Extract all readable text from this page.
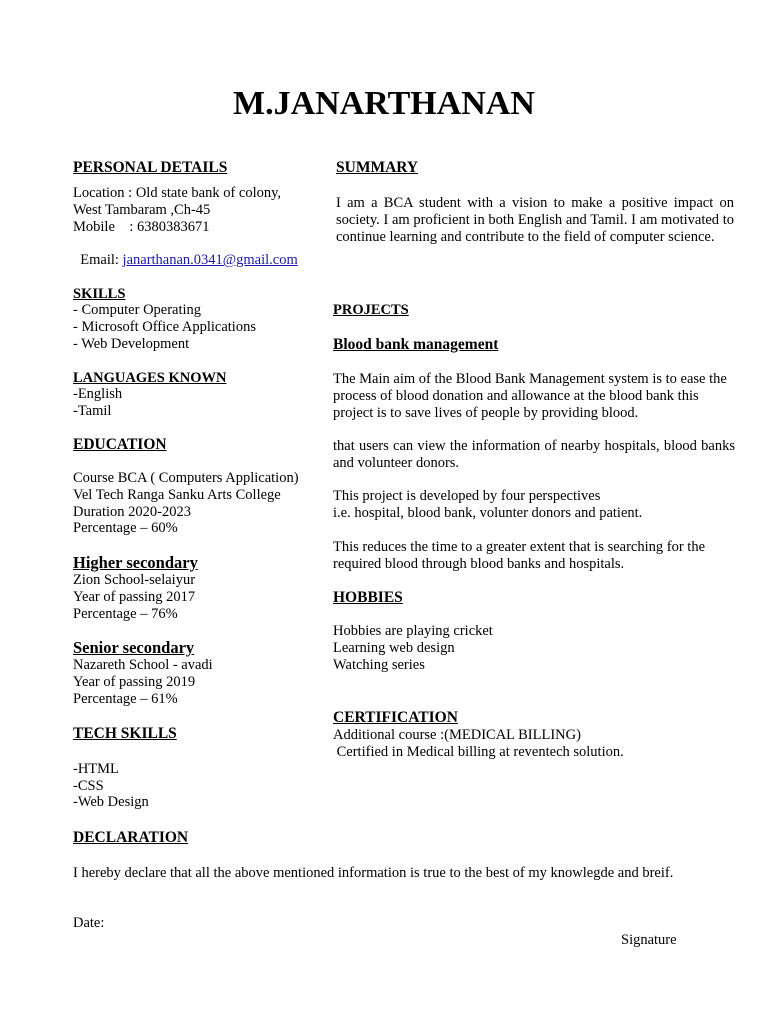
M.JANARTHANAN
PERSONAL DETAILS
Location : Old state bank of colony,
West Tambaram ,Ch-45
Mobile    : 6380383671

Email: janarthanan.0341@gmail.com

SUMMARY
I am a BCA student with a vision to make a positive impact on society. I am proficient in both English and Tamil. I am motivated to continue learning and contribute to the field of computer science.
SKILLS
- Computer Operating
- Microsoft Office Applications
- Web Development
LANGUAGES KNOWN
-English
-Tamil
EDUCATION
Course BCA ( Computers Application)
Vel Tech Ranga Sanku Arts College
Duration 2020-2023
Percentage – 60%
Higher secondary
Zion School-selaiyur
Year of passing 2017
Percentage – 76%
Senior secondary
Nazareth School - avadi
Year of passing 2019
Percentage – 61%
TECH SKILLS
-HTML
-CSS
-Web Design
PROJECTS
Blood bank management
The Main aim of the Blood Bank Management system is to ease the process of blood donation and allowance at the blood bank this project is to save lives of people by providing blood.
that users can view the information of nearby hospitals, blood banks and volunteer donors.
This project is developed by four perspectives
i.e. hospital, blood bank, volunter donors and patient.
This reduces the time to a greater extent that is searching for the required blood through blood banks and hospitals.
HOBBIES
Hobbies are playing cricket
Learning web design
Watching series
CERTIFICATION
Additional course :(MEDICAL BILLING)
Certified in Medical billing at reventech solution.
DECLARATION
I hereby declare that all the above mentioned information is true to the best of my knowlegde and breif.
Date:
Signature
